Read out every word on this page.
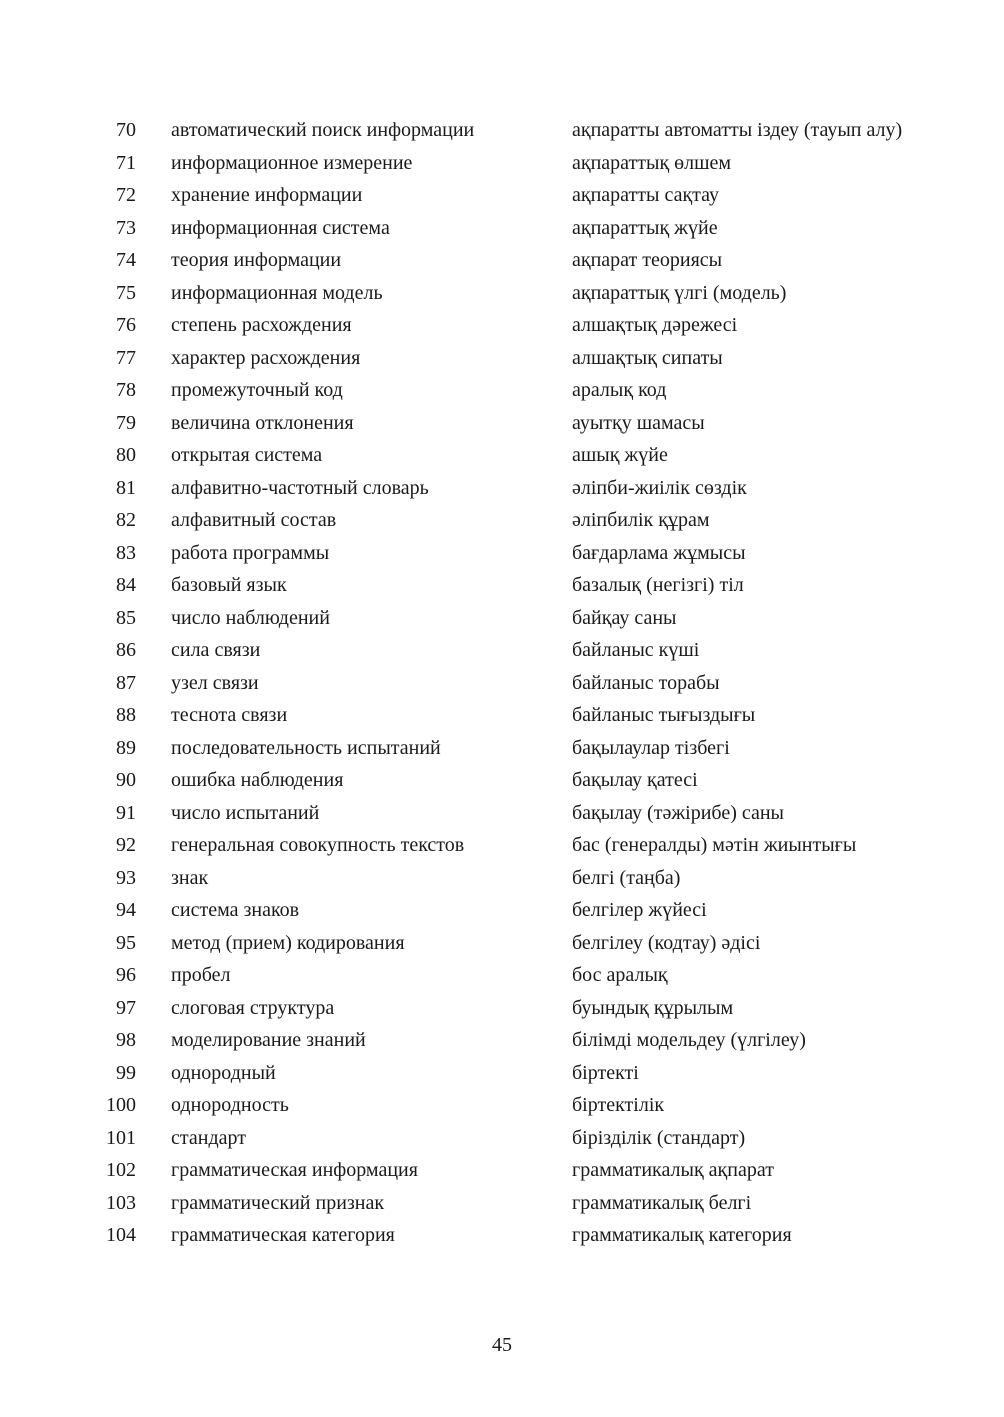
70 автоматический поиск информации	ақпаратты автоматты іздеу (тауып алу)
71 информационное измерение	ақпараттық өлшем
72 хранение информации	ақпаратты сақтау
73 информационная система	ақпараттық жүйе
74 теория информации	ақпарат теориясы
75 информационная модель	ақпараттық үлгі (модель)
76 степень расхождения	алшақтық дәрежесі
77 характер расхождения	алшақтық сипаты
78 промежуточный код	аралық код
79 величина отклонения	ауытқу шамасы
80 открытая система	ашық жүйе
81 алфавитно-частотный словарь	әліпби-жиілік сөздік
82 алфавитный состав	әліпбилік құрам
83 работа программы	бағдарлама жұмысы
84 базовый язык	базалық (негізгі) тіл
85 число наблюдений	байқау саны
86 сила связи	байланыс күші
87 узел связи	байланыс торабы
88 теснота связи	байланыс тығыздығы
89 последовательность испытаний	бақылаулар тізбегі
90 ошибка наблюдения	бақылау қатесі
91 число испытаний	бақылау (тәжірибе) саны
92 генеральная совокупность текстов	бас (генералды) мәтін жиынтығы
93 знак	белгі (таңба)
94 система знаков	белгілер жүйесі
95 метод (прием) кодирования	белгілеу (кодтау) әдісі
96 пробел	бос аралық
97 слоговая структура	буындық құрылым
98 моделирование знаний	білімді модельдеу (үлгілеу)
99 однородный	біртекті
100 однородность	біртектілік
101 стандарт	бірізділік (стандарт)
102 грамматическая информация	грамматикалық ақпарат
103 грамматический признак	грамматикалық белгі
104 грамматическая категория	грамматикалық категория
45
